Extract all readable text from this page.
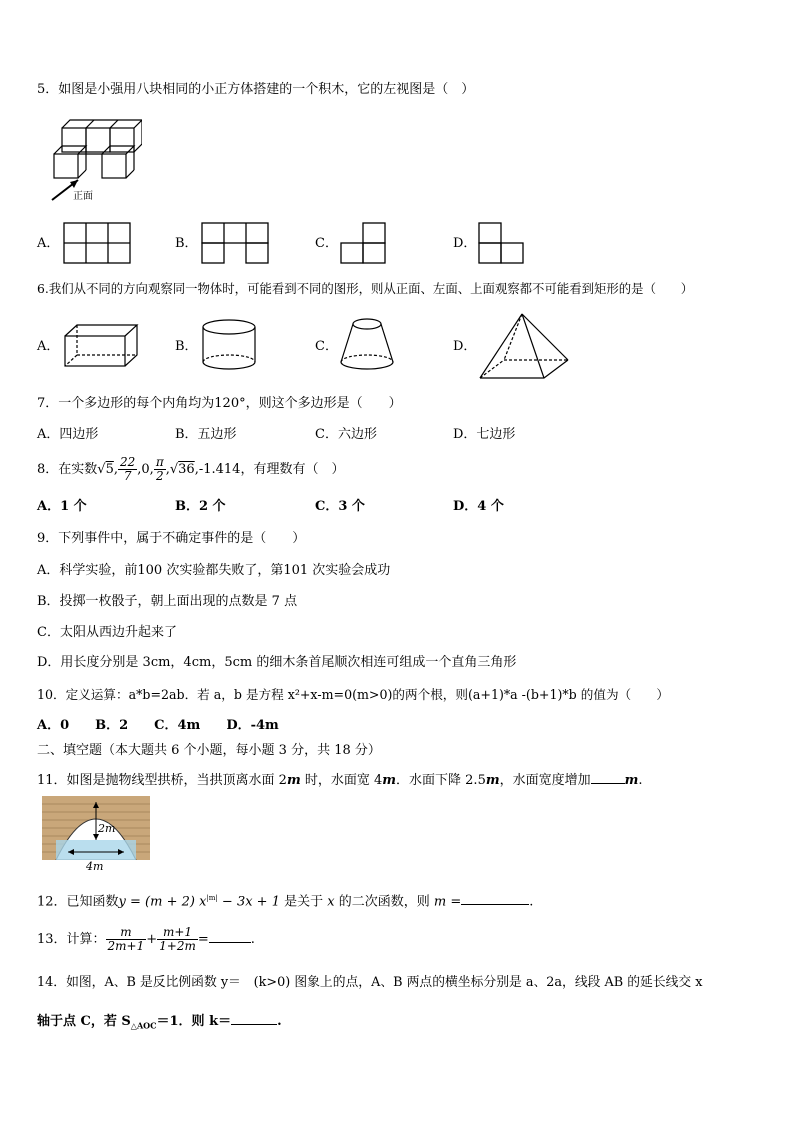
5．如图是小强用八块相同的小正方体搭建的一个积木，它的左视图是（　）
正面
A．	B．	C．	D．
6.我们从不同的方向观察同一物体时，可能看到不同的图形，则从正面、左面、上面观察都不可能看到矩形的是（　　）
A．	B．	C．	D．
7．一个多边形的每个内角均为120°，则这个多边形是（　　）
A．四边形	B．五边形	C．六边形	D．七边形
8．在实数√5, $\frac{22}{7} ,0$, $\frac{\pi}{2} ,√36,-1.414$，有理数有（　）
A．1 个	B．2 个	C．3 个	D．4 个
9．下列事件中，属于不确定事件的是（　　）
A．科学实验，前100 次实验都失败了，第101 次实验会成功
B．投掷一枚骰子，朝上面出现的点数是 7 点
C．太阳从西边升起来了
D．用长度分别是 3cm，4cm，5cm 的细木条首尾顺次相连可组成一个直角三角形
10．定义运算：a*b=2ab．若 a，b 是方程 x²+x-m=0(m>0)的两个根，则(a+1)*a -(b+1)*b 的值为（　　）
A．0　　B．2　　C．4m　　D．-4m
二、填空题（本大题共 6 个小题，每小题 3 分，共 18 分）
11．如图是抛物线型拱桥，当拱顶离水面 2m 时，水面宽 4m．水面下降 2.5m，水面宽度增加	m.
2m
4m
12．已知函数y = (m + 2) $x^{|m|} - 3x + 1$ 是关于 x 的二次函数，则 m =	.
13．计算： $\frac{m}{2m+1} + \frac{m+1}{1+2m}$ =	.
14．如图，A、B 是反比例函数 y＝　(k>0) 图象上的点，A、B 两点的横坐标分别是 a、2a，线段 AB 的延长线交 x
轴于点 C，若 $S_{\triangle AOC}=1$．则 k＝	.
